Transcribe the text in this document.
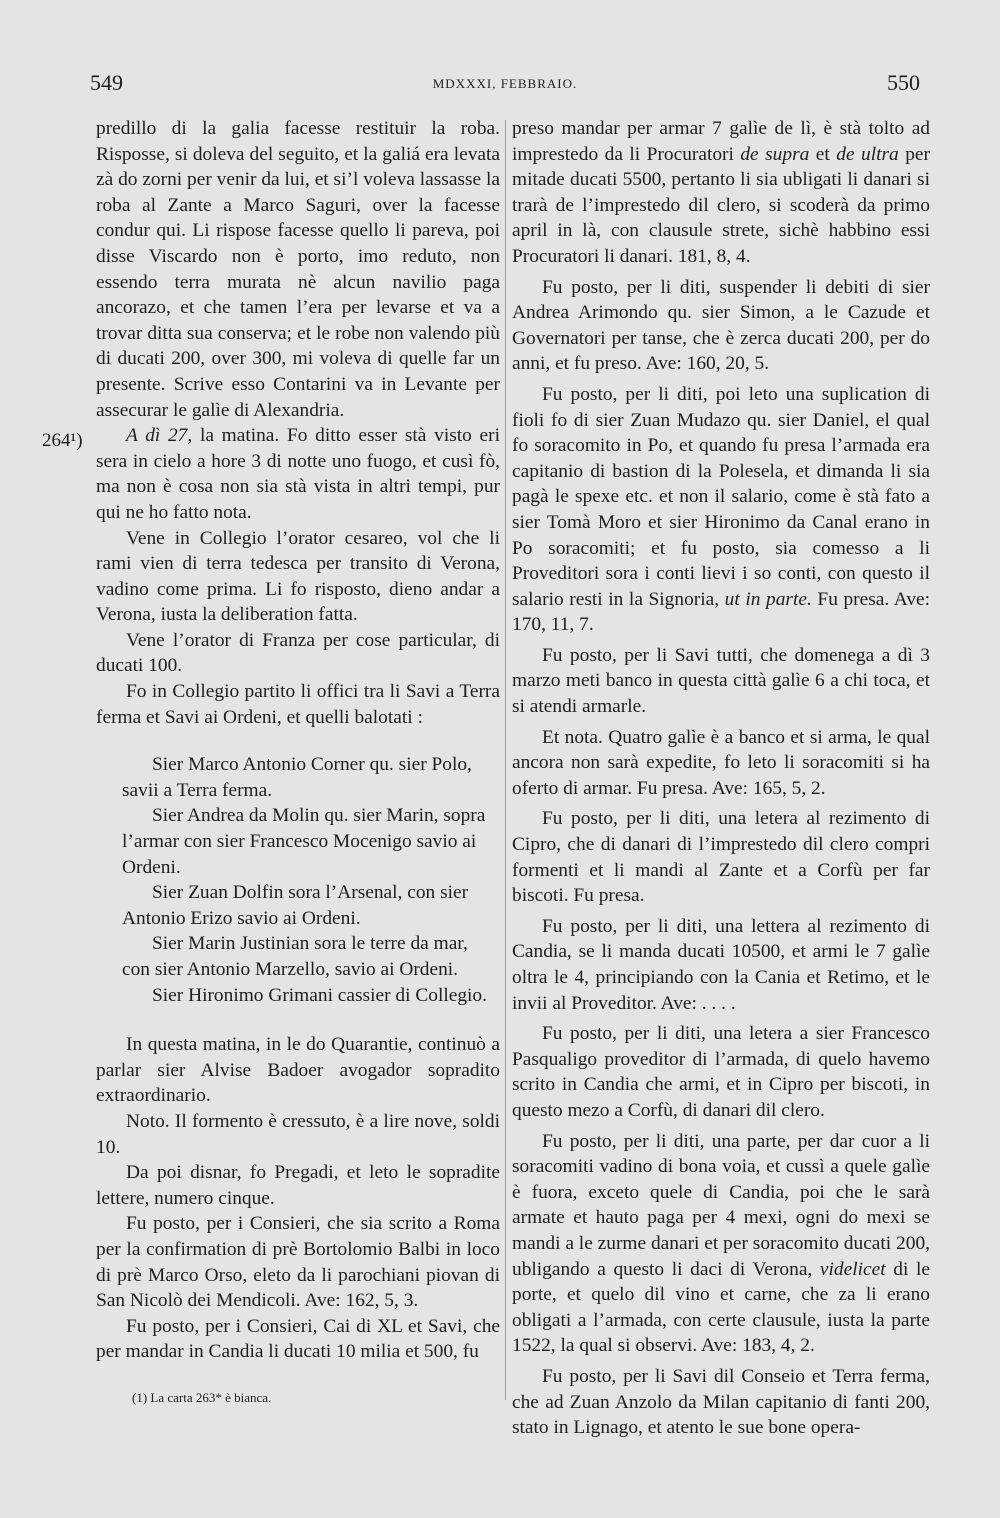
549	MDXXXI, FEBBRAIO.	550
264¹)

predillo di la galia facesse restituir la roba. Risposse, si doleva del seguito, et la galiá era levata zà do zorni per venir da lui, et si’l voleva lassasse la roba al Zante a Marco Saguri, over la facesse condur qui. Li rispose facesse quello li pareva, poi disse Viscardo non è porto, imo reduto, non essendo terra murata nè alcun navilio paga ancorazo, et che tamen l’era per levarse et va a trovar ditta sua conserva; et le robe non valendo più di ducati 200, over 300, mi voleva di quelle far un presente. Scrive esso Contarini va in Levante per assecurar le galìe di Alexandria.

A dì 27, la matina. Fo ditto esser stà visto eri sera in cielo a hore 3 di notte uno fuogo, et cusì fò, ma non è cosa non sia stà vista in altri tempi, pur qui ne ho fatto nota.

Vene in Collegio l’orator cesareo, vol che li rami vien di terra tedesca per transito di Verona, vadino come prima. Li fo risposto, dieno andar a Verona, iusta la deliberation fatta.

Vene l’orator di Franza per cose particular, di ducati 100.

Fo in Collegio partito li offici tra li Savi a Terra ferma et Savi ai Ordeni, et quelli balotati :

Sier Marco Antonio Corner qu. sier Polo, savii a Terra ferma.

Sier Andrea da Molin qu. sier Marin, sopra l’armar con sier Francesco Mocenigo savio ai Ordeni.

Sier Zuan Dolfin sora l’Arsenal, con sier Antonio Erizo savio ai Ordeni.

Sier Marin Justinian sora le terre da mar, con sier Antonio Marzello, savio ai Ordeni.

Sier Hironimo Grimani cassier di Collegio.

In questa matina, in le do Quarantie, continuò a parlar sier Alvise Badoer avogador sopradito extraordinario.

Noto. Il formento è cressuto, è a lire nove, soldi 10.

Da poi disnar, fo Pregadi, et leto le sopradite lettere, numero cinque.

Fu posto, per i Consieri, che sia scrito a Roma per la confirmation di prè Bortolomio Balbi in loco di prè Marco Orso, eleto da li parochiani piovan di San Nicolò dei Mendicoli. Ave: 162, 5, 3.

Fu posto, per i Consieri, Cai di XL et Savi, che per mandar in Candia li ducati 10 milia et 500, fu

preso mandar per armar 7 galìe de lì, è stà tolto ad imprestedo da li Procuratori de supra et de ultra per mitade ducati 5500, pertanto li sia ubligati li danari si trarà de l’imprestedo dil clero, si scoderà da primo april in là, con clausule strete, sichè habbino essi Procuratori li danari. 181, 8, 4.

Fu posto, per li diti, suspender li debiti di sier Andrea Arimondo qu. sier Simon, a le Cazude et Governatori per tanse, che è zerca ducati 200, per do anni, et fu preso. Ave: 160, 20, 5.

Fu posto, per li diti, poi leto una suplication di fioli fo di sier Zuan Mudazo qu. sier Daniel, el qual fo soracomito in Po, et quando fu presa l’armada era capitanio di bastion di la Polesela, et dimanda li sia pagà le spexe etc. et non il salario, come è stà fato a sier Tomà Moro et sier Hironimo da Canal erano in Po soracomiti; et fu posto, sia comesso a li Proveditori sora i conti lievi i so conti, con questo il salario resti in la Signoria, ut in parte. Fu presa. Ave: 170, 11, 7.

Fu posto, per li Savi tutti, che domenega a dì 3 marzo meti banco in questa città galìe 6 a chi toca, et si atendi armarle.

Et nota. Quatro galìe è a banco et si arma, le qual ancora non sarà expedite, fo leto li soracomiti si ha oferto di armar. Fu presa. Ave: 165, 5, 2.

Fu posto, per li diti, una letera al rezimento di Cipro, che di danari di l’imprestedo dil clero compri formenti et li mandi al Zante et a Corfù per far biscoti. Fu presa.

Fu posto, per li diti, una lettera al rezimento di Candia, se li manda ducati 10500, et armi le 7 galìe oltra le 4, principiando con la Cania et Retimo, et le invii al Proveditor. Ave: . . . .

Fu posto, per li diti, una letera a sier Francesco Pasqualigo proveditor di l’armada, di quelo havemo scrito in Candia che armi, et in Cipro per biscoti, in questo mezo a Corfù, di danari dil clero.

Fu posto, per li diti, una parte, per dar cuor a li soracomiti vadino di bona voia, et cussì a quele galìe è fuora, exceto quele di Candia, poi che le sarà armate et hauto paga per 4 mexi, ogni do mexi se mandi a le zurme danari et per soracomito ducati 200, ubligando a questo li daci di Verona, videlicet di le porte, et quelo dil vino et carne, che za li erano obligati a l’armada, con certe clausule, iusta la parte 1522, la qual si observi. Ave: 183, 4, 2.

Fu posto, per li Savi dil Conseio et Terra ferma, che ad Zuan Anzolo da Milan capitanio di fanti 200, stato in Lignago, et atento le sue bone opera-

(1) La carta 263* è bianca.
